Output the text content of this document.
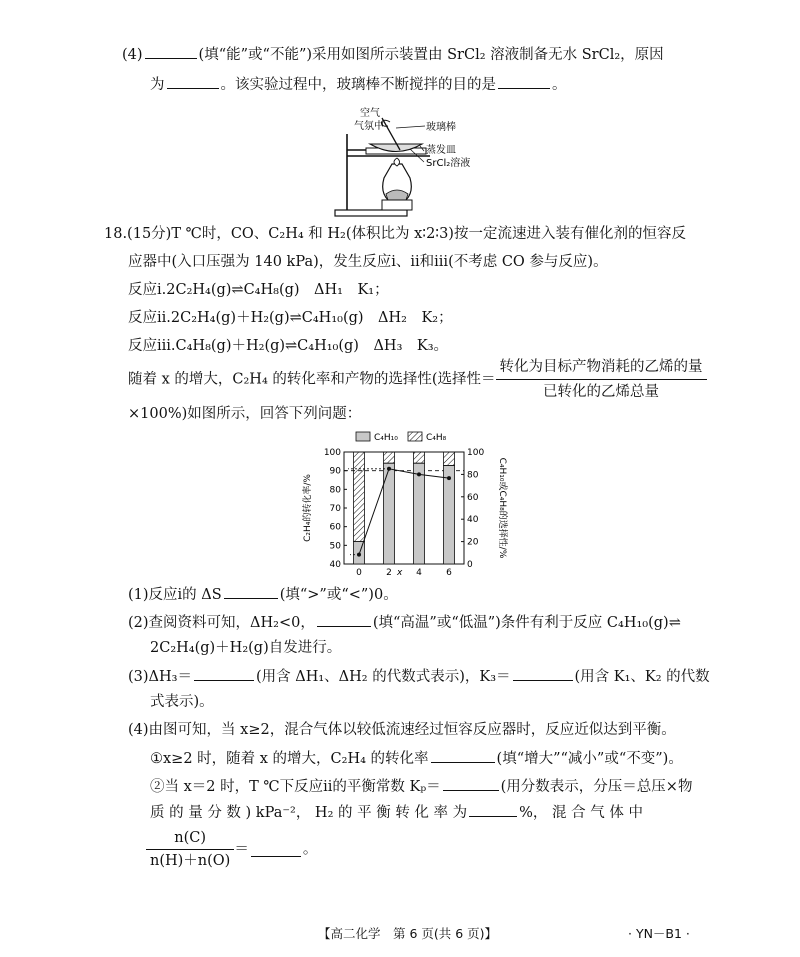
(4)	(填“能”或“不能”)采用如图所示装置由 SrCl₂ 溶液制备无水 SrCl₂，原因
为	。该实验过程中，玻璃棒不断搅拌的目的是	。
空气
气氛中	玻璃棒
蒸发皿
SrCl₂溶液
18.(15分)T ℃时，CO、C₂H₄ 和 H₂(体积比为 x∶2∶3)按一定流速进入装有催化剂的恒容反
应器中(入口压强为 140 kPa)，发生反应ⅰ、ⅱ和ⅲ(不考虑 CO 参与反应)。
反应ⅰ.2C₂H₄(g)⇌C₄H₈(g)　ΔH₁　K₁；
反应ⅱ.2C₂H₄(g)＋H₂(g)⇌C₄H₁₀(g)　ΔH₂　K₂；
反应ⅲ.C₄H₈(g)＋H₂(g)⇌C₄H₁₀(g)　ΔH₃　K₃。
随着 x 的增大，C₂H₄ 的转化率和产物的选择性(选择性＝ $\frac{\text{转化为目标产物消耗的乙烯的量}}{\text{已转化的乙烯总量}}$
×100%)如图所示，回答下列问题：
100
90
80
70
60
50
40
100
80
60
40
20
0
0	2	4	6
x
C₂H₄的转化率/%	C₄H₁₀或C₄H₈的选择性/%
C₄H₁₀	C₄H₈
(1)反应ⅰ的 ΔS	(填“>”或“<”)0。
(2)查阅资料可知，ΔH₂<0，	(填“高温”或“低温”)条件有利于反应 C₄H₁₀(g)⇌
2C₂H₄(g)＋H₂(g)自发进行。
(3)ΔH₃＝	(用含 ΔH₁、ΔH₂ 的代数式表示)，K₃＝	(用含 K₁、K₂ 的代数
式表示)。
(4)由图可知，当 x≥2，混合气体以较低流速经过恒容反应器时，反应近似达到平衡。
①x≥2 时，随着 x 的增大，C₂H₄ 的转化率	(填“增大”“减小”或“不变”)。
②当 x＝2 时，T ℃下反应ⅱ的平衡常数 Kₚ＝	(用分数表示，分压＝总压×物
质 的 量 分 数 ) kPa⁻²， H₂ 的 平 衡 转 化 率 为	%， 混 合 气 体 中
$\frac{n(C)}{n(H)+n(O)}$ ＝	。
【高二化学　第 6 页(共 6 页)】	· YN－B1 ·
